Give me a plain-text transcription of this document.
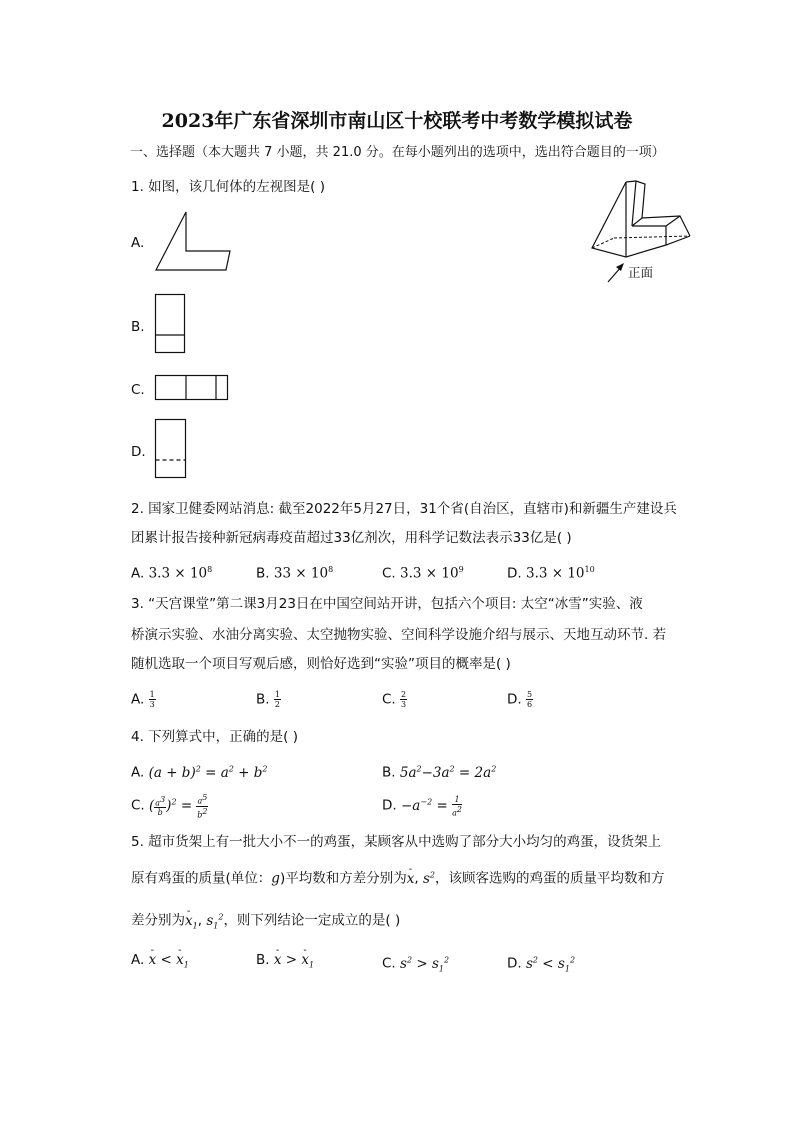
2023年广东省深圳市南山区十校联考中考数学模拟试卷
一、选择题（本大题共 7 小题，共 21.0 分。在每小题列出的选项中，选出符合题目的一项）
1. 如图，该几何体的左视图是( )
正面
A.
B.
C.
D.
2. 国家卫健委网站消息: 截至2022年5月27日，31个省(自治区，直辖市)和新疆生产建设兵
团累计报告接种新冠病毒疫苗超过33亿剂次，用科学记数法表示33亿是( )
A. $3.3 \times 10^8$	B. $33 \times 10^8$	C. $3.3 \times 10^9$	D. $3.3 \times 10^{10}$
3. “天宫课堂”第二课3月23日在中国空间站开讲，包括六个项目: 太空“冰雪”实验、液
桥演示实验、水油分离实验、太空抛物实验、空间科学设施介绍与展示、天地互动环节. 若
随机选取一个项目写观后感，则恰好选到“实验”项目的概率是( )
A. $\frac{1}{3}$	B. $\frac{1}{2}$	C. $\frac{2}{3}$	D. $\frac{5}{6}$
4. 下列算式中，正确的是( )
A. $(a + b)^2 = a^2 + b^2$	B. $5a^2-3a^2 = 2a^2$
C. ( $\frac{a^3}{b} )^2 = \frac{a^5}{b^2}$	D. $-a^{-2} = \frac{1}{a^2}$
5. 超市货架上有一批大小不一的鸡蛋，某顾客从中选购了部分大小均匀的鸡蛋，设货架上
原有鸡蛋的质量(单位：g)平均数和方差分别为- x, $s^2$，该顾客选购的鸡蛋的质量平均数和方
差分别为- $x_1$, $s_1^2$，则下列结论一定成立的是( )
A. - x < - $x_1$	B. - x > - $x_1$	C. $s^2 > s_1^2$	D. $s^2 < s_1^2$
